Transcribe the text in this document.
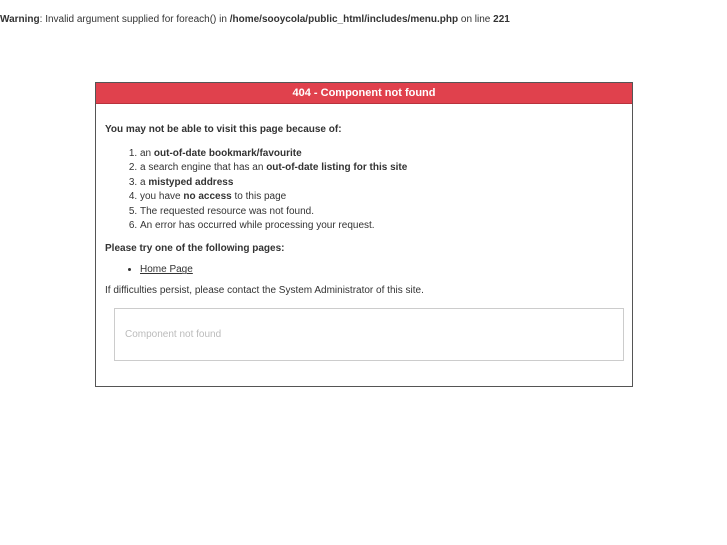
Warning: Invalid argument supplied for foreach() in /home/sooycola/public_html/includes/menu.php on line 221
404 - Component not found

You may not be able to visit this page because of:

1. an out-of-date bookmark/favourite
2. a search engine that has an out-of-date listing for this site
3. a mistyped address
4. you have no access to this page
5. The requested resource was not found.
6. An error has occurred while processing your request.

Please try one of the following pages:

• Home Page

If difficulties persist, please contact the System Administrator of this site.

Component not found
